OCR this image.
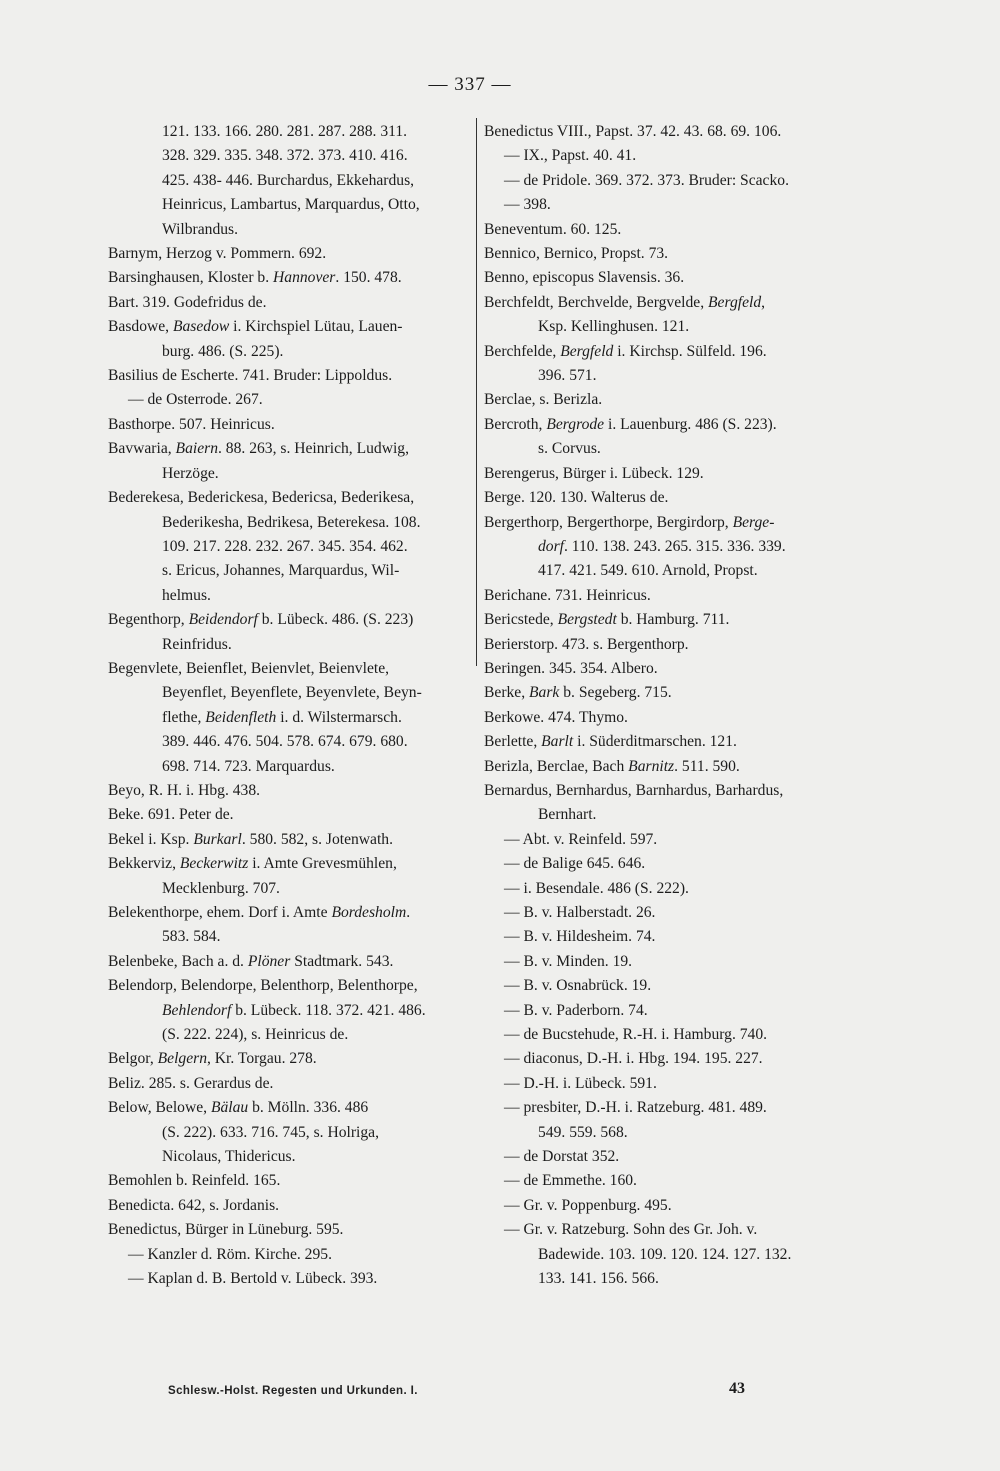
— 337 —
121. 133. 166. 280. 281. 287. 288. 311.
328. 329. 335. 348. 372. 373. 410. 416.
425. 438- 446. Burchardus, Ekkehardus,
Heinricus, Lambartus, Marquardus, Otto,
Wilbrandus.
Barnym, Herzog v. Pommern. 692.
Barsinghausen, Kloster b. Hannover. 150. 478.
Bart. 319. Godefridus de.
Basdowe, Basedow i. Kirchspiel Lütau, Lauen-
burg. 486. (S. 225).
Basilius de Escherte. 741. Bruder: Lippoldus.
— de Osterrode. 267.
Basthorpe. 507. Heinricus.
Bavwaria, Baiern. 88. 263, s. Heinrich, Ludwig,
Herzöge.
Bederekesa, Bederickesa, Bedericsa, Bederikesa,
Bederikesha, Bedrikesa, Beterekesa. 108.
109. 217. 228. 232. 267. 345. 354. 462.
s. Ericus, Johannes, Marquardus, Wil-
helmus.
Begenthorp, Beidendorf b. Lübeck. 486. (S. 223)
Reinfridus.
Begenvlete, Beienflet, Beienvlet, Beienvlete,
Beyenflet, Beyenflete, Beyenvlete, Beyn-
flethe, Beidenfleth i. d. Wilstermarsch.
389. 446. 476. 504. 578. 674. 679. 680.
698. 714. 723. Marquardus.
Beyo, R. H. i. Hbg. 438.
Beke. 691. Peter de.
Bekel i. Ksp. Burkarl. 580. 582, s. Jotenwath.
Bekkerviz, Beckerwitz i. Amte Grevesmühlen,
Mecklenburg. 707.
Belekenthorpe, ehem. Dorf i. Amte Bordesholm.
583. 584.
Belenbeke, Bach a. d. Plöner Stadtmark. 543.
Belendorp, Belendorpe, Belenthorp, Belenthorpe,
Behlendorf b. Lübeck. 118. 372. 421. 486.
(S. 222. 224), s. Heinricus de.
Belgor, Belgern, Kr. Torgau. 278.
Beliz. 285. s. Gerardus de.
Below, Belowe, Bälau b. Mölln. 336. 486
(S. 222). 633. 716. 745, s. Holriga,
Nicolaus, Thidericus.
Bemohlen b. Reinfeld. 165.
Benedicta. 642, s. Jordanis.
Benedictus, Bürger in Lüneburg. 595.
— Kanzler d. Röm. Kirche. 295.
— Kaplan d. B. Bertold v. Lübeck. 393.
Benedictus VIII., Papst. 37. 42. 43. 68. 69. 106.
— IX., Papst. 40. 41.
— de Pridole. 369. 372. 373. Bruder: Scacko.
— 398.
Beneventum. 60. 125.
Bennico, Bernico, Propst. 73.
Benno, episcopus Slavensis. 36.
Berchfeldt, Berchvelde, Bergvelde, Bergfeld,
Ksp. Kellinghusen. 121.
Berchfelde, Bergfeld i. Kirchsp. Sülfeld. 196.
396. 571.
Berclae, s. Berizla.
Bercroth, Bergrode i. Lauenburg. 486 (S. 223).
s. Corvus.
Berengerus, Bürger i. Lübeck. 129.
Berge. 120. 130. Walterus de.
Bergerthorp, Bergerthorpe, Bergirdorp, Berge-
dorf. 110. 138. 243. 265. 315. 336. 339.
417. 421. 549. 610. Arnold, Propst.
Berichane. 731. Heinricus.
Bericstede, Bergstedt b. Hamburg. 711.
Berierstorp. 473. s. Bergenthorp.
Beringen. 345. 354. Albero.
Berke, Bark b. Segeberg. 715.
Berkowe. 474. Thymo.
Berlette, Barlt i. Süderditmarschen. 121.
Berizla, Berclae, Bach Barnitz. 511. 590.
Bernardus, Bernhardus, Barnhardus, Barhardus,
Bernhart.
— Abt. v. Reinfeld. 597.
— de Balige 645. 646.
— i. Besendale. 486 (S. 222).
— B. v. Halberstadt. 26.
— B. v. Hildesheim. 74.
— B. v. Minden. 19.
— B. v. Osnabrück. 19.
— B. v. Paderborn. 74.
— de Bucstehude, R.-H. i. Hamburg. 740.
— diaconus, D.-H. i. Hbg. 194. 195. 227.
— D.-H. i. Lübeck. 591.
— presbiter, D.-H. i. Ratzeburg. 481. 489.
549. 559. 568.
— de Dorstat 352.
— de Emmethe. 160.
— Gr. v. Poppenburg. 495.
— Gr. v. Ratzeburg. Sohn des Gr. Joh. v.
Badewide. 103. 109. 120. 124. 127. 132.
133. 141. 156. 566.
Schlesw.-Holst. Regesten und Urkunden. I.	43
